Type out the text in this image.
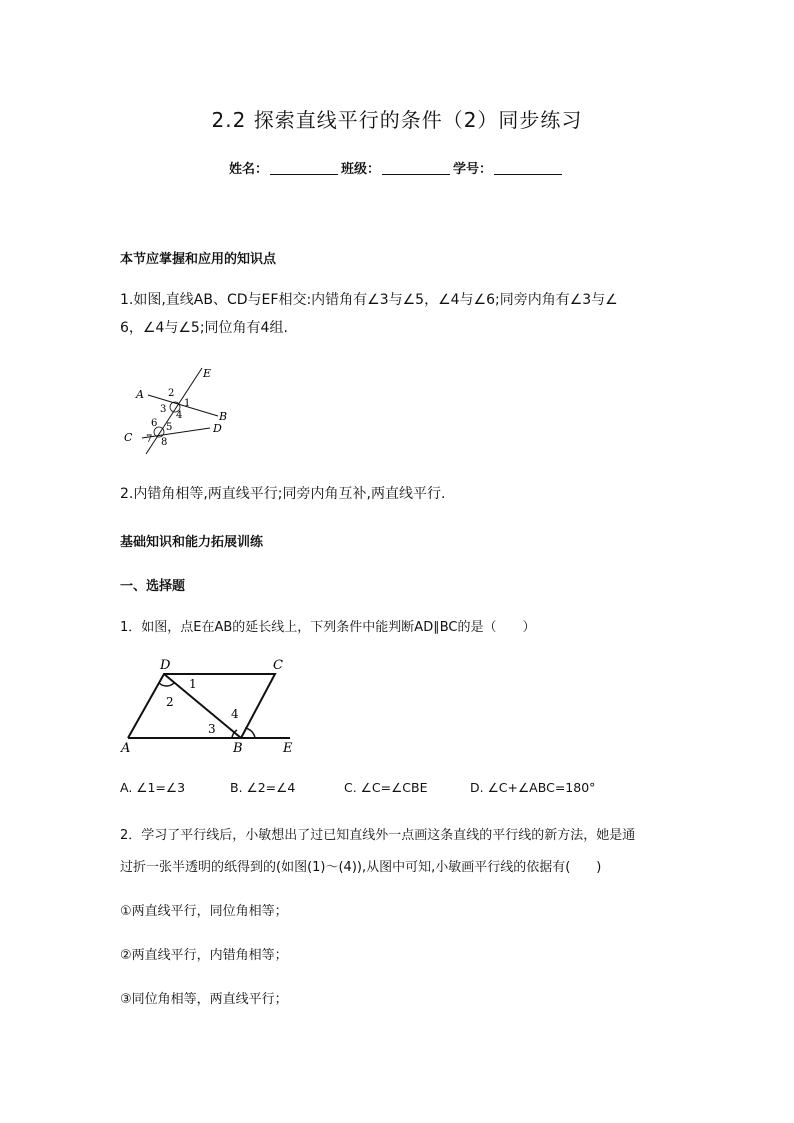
2.2 探索直线平行的条件（2）同步练习
姓名：	班级：	学号：
本节应掌握和应用的知识点
1.如图,直线AB、CD与EF相交:内错角有∠3与∠5，∠4与∠6;同旁内角有∠3与∠
6，∠4与∠5;同位角有4组.
E
A
B
C
D
2
1
3
4
6 5
7 8
2.内错角相等,两直线平行;同旁内角互补,两直线平行.
基础知识和能力拓展训练
一、选择题
1．如图，点E在AB的延长线上，下列条件中能判断AD∥BC的是（　　）
D	C
A	B	E
1
2
3
4
A. ∠1=∠3	B. ∠2=∠4	C. ∠C=∠CBE	D. ∠C+∠ABC=180°
2．学习了平行线后，小敏想出了过已知直线外一点画这条直线的平行线的新方法，她是通
过折一张半透明的纸得到的(如图(1)～(4)),从图中可知,小敏画平行线的依据有(　　)
①两直线平行，同位角相等；
②两直线平行，内错角相等；
③同位角相等，两直线平行；
